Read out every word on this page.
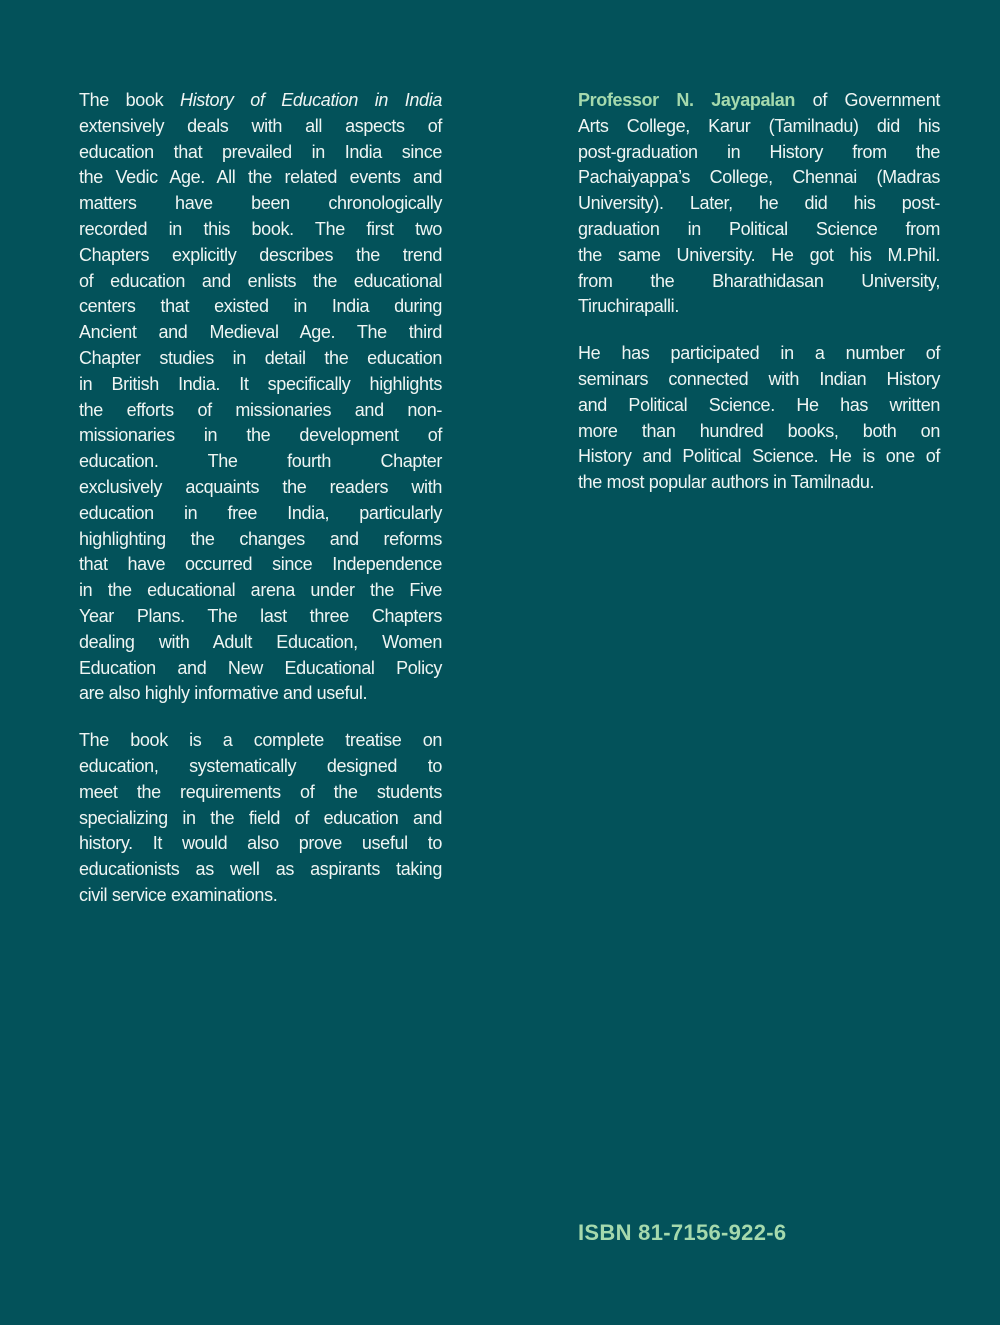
The book History of Education in India
extensively deals with all aspects of
education that prevailed in India since
the Vedic Age. All the related events and
matters have been chronologically
recorded in this book. The first two
Chapters explicitly describes the trend
of education and enlists the educational
centers that existed in India during
Ancient and Medieval Age. The third
Chapter studies in detail the education
in British India. It specifically highlights
the efforts of missionaries and non-
missionaries in the development of
education. The fourth Chapter
exclusively acquaints the readers with
education in free India, particularly
highlighting the changes and reforms
that have occurred since Independence
in the educational arena under the Five
Year Plans. The last three Chapters
dealing with Adult Education, Women
Education and New Educational Policy
are also highly informative and useful.
The book is a complete treatise on
education, systematically designed to
meet the requirements of the students
specializing in the field of education and
history. It would also prove useful to
educationists as well as aspirants taking
civil service examinations.
Professor N. Jayapalan of Government
Arts College, Karur (Tamilnadu) did his
post-graduation in History from the
Pachaiyappa’s College, Chennai (Madras
University). Later, he did his post-
graduation in Political Science from
the same University. He got his M.Phil.
from the Bharathidasan University,
Tiruchirapalli.
He has participated in a number of
seminars connected with Indian History
and Political Science. He has written
more than hundred books, both on
History and Political Science. He is one of
the most popular authors in Tamilnadu.
ISBN 81-7156-922-6
